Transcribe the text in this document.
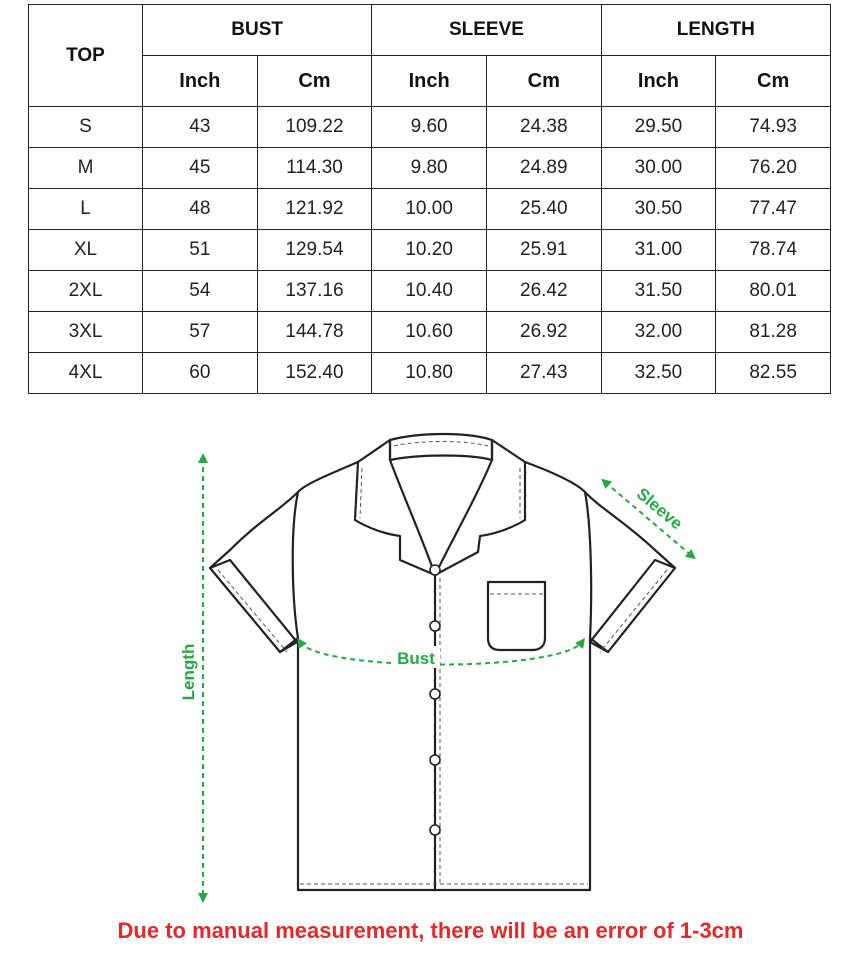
TOP	BUST		SLEEVE		LENGTH	
	Inch	Cm	Inch	Cm	Inch	Cm
S	43	109.22	9.60	24.38	29.50	74.93
M	45	114.30	9.80	24.89	30.00	76.20
L	48	121.92	10.00	25.40	30.50	77.47
XL	51	129.54	10.20	25.91	31.00	78.74
2XL	54	137.16	10.40	26.42	31.50	80.01
3XL	57	144.78	10.60	26.92	32.00	81.28
4XL	60	152.40	10.80	27.43	32.50	82.55
Bust
Length
Sleeve
Due to manual measurement, there will be an error of 1-3cm
